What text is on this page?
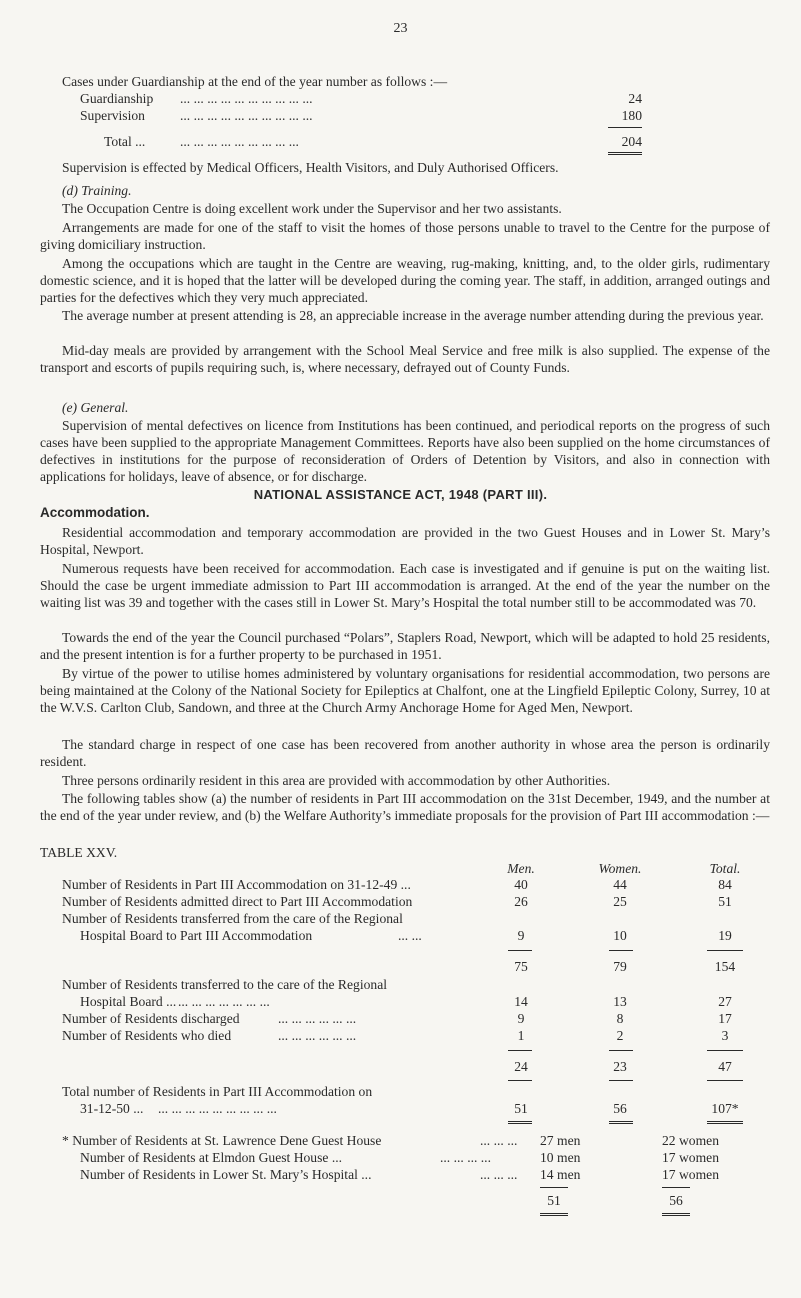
23
Cases under Guardianship at the end of the year number as follows :—
Guardianship ... ... ... ... ... ... ... ... ... ...	24
Supervision	... ... ... ... ... ... ... ... ... ...	180
Total ...	... ... ... ... ... ... ... ... ...	204
Supervision is effected by Medical Officers, Health Visitors, and Duly Authorised Officers.
(d) Training.
The Occupation Centre is doing excellent work under the Supervisor and her two assistants.
Arrangements are made for one of the staff to visit the homes of those persons unable to travel to the Centre for the purpose of giving domiciliary instruction.
Among the occupations which are taught in the Centre are weaving, rug-making, knitting, and, to the older girls, rudimentary domestic science, and it is hoped that the latter will be developed during the coming year. The staff, in addition, arranged outings and parties for the defectives which they very much appreciated.
The average number at present attending is 28, an appreciable increase in the average number attending during the previous year.
Mid-day meals are provided by arrangement with the School Meal Service and free milk is also supplied. The expense of the transport and escorts of pupils requiring such, is, where necessary, defrayed out of County Funds.
(e) General.
Supervision of mental defectives on licence from Institutions has been continued, and periodical reports on the progress of such cases have been supplied to the appropriate Management Committees. Reports have also been supplied on the home circumstances of defectives in institutions for the purpose of reconsideration of Orders of Detention by Visitors, and also in connection with applications for holidays, leave of absence, or for discharge.
NATIONAL ASSISTANCE ACT, 1948 (PART III).
Accommodation.
Residential accommodation and temporary accommodation are provided in the two Guest Houses and in Lower St. Mary’s Hospital, Newport.
Numerous requests have been received for accommodation. Each case is investigated and if genuine is put on the waiting list. Should the case be urgent immediate admission to Part III accommodation is arranged. At the end of the year the number on the waiting list was 39 and together with the cases still in Lower St. Mary’s Hospital the total number still to be accommodated was 70.
Towards the end of the year the Council purchased “Polars”, Staplers Road, Newport, which will be adapted to hold 25 residents, and the present intention is for a further property to be purchased in 1951.
By virtue of the power to utilise homes administered by voluntary organisations for residential accommodation, two persons are being maintained at the Colony of the National Society for Epileptics at Chalfont, one at the Lingfield Epileptic Colony, Surrey, 10 at the W.V.S. Carlton Club, Sandown, and three at the Church Army Anchorage Home for Aged Men, Newport.
The standard charge in respect of one case has been recovered from another authority in whose area the person is ordinarily resident.
Three persons ordinarily resident in this area are provided with accommodation by other Authorities.
The following tables show (a) the number of residents in Part III accommodation on the 31st December, 1949, and the number at the end of the year under review, and (b) the Welfare Authority’s immediate proposals for the provision of Part III accommodation :—
TABLE XXV.
Men.	Women.	Total.
Number of Residents in Part III Accommodation on 31-12-49 ...	40	44	84
Number of Residents admitted direct to Part III Accommodation	26	25	51
Number of Residents transferred from the care of the Regional
Hospital Board to Part III Accommodation	... ...	9	10	19
75	79	154
Number of Residents transferred to the care of the Regional
Hospital Board ... ... ... ... ... ... ... ...	14	13	27
Number of Residents discharged	... ... ... ... ... ...	9	8	17
Number of Residents who died	... ... ... ... ... ...	1	2	3
24	23	47
Total number of Residents in Part III Accommodation on
31-12-50 ... ... ... ... ... ... ... ... ... ...	51	56	107*
* Number of Residents at St. Lawrence Dene Guest House	... ... ... 27 men	22 women
Number of Residents at Elmdon Guest House ...	... ... ... ...	10 men	17 women
Number of Residents in Lower St. Mary’s Hospital ...	... ... ... 14 men	17 women
51	56
